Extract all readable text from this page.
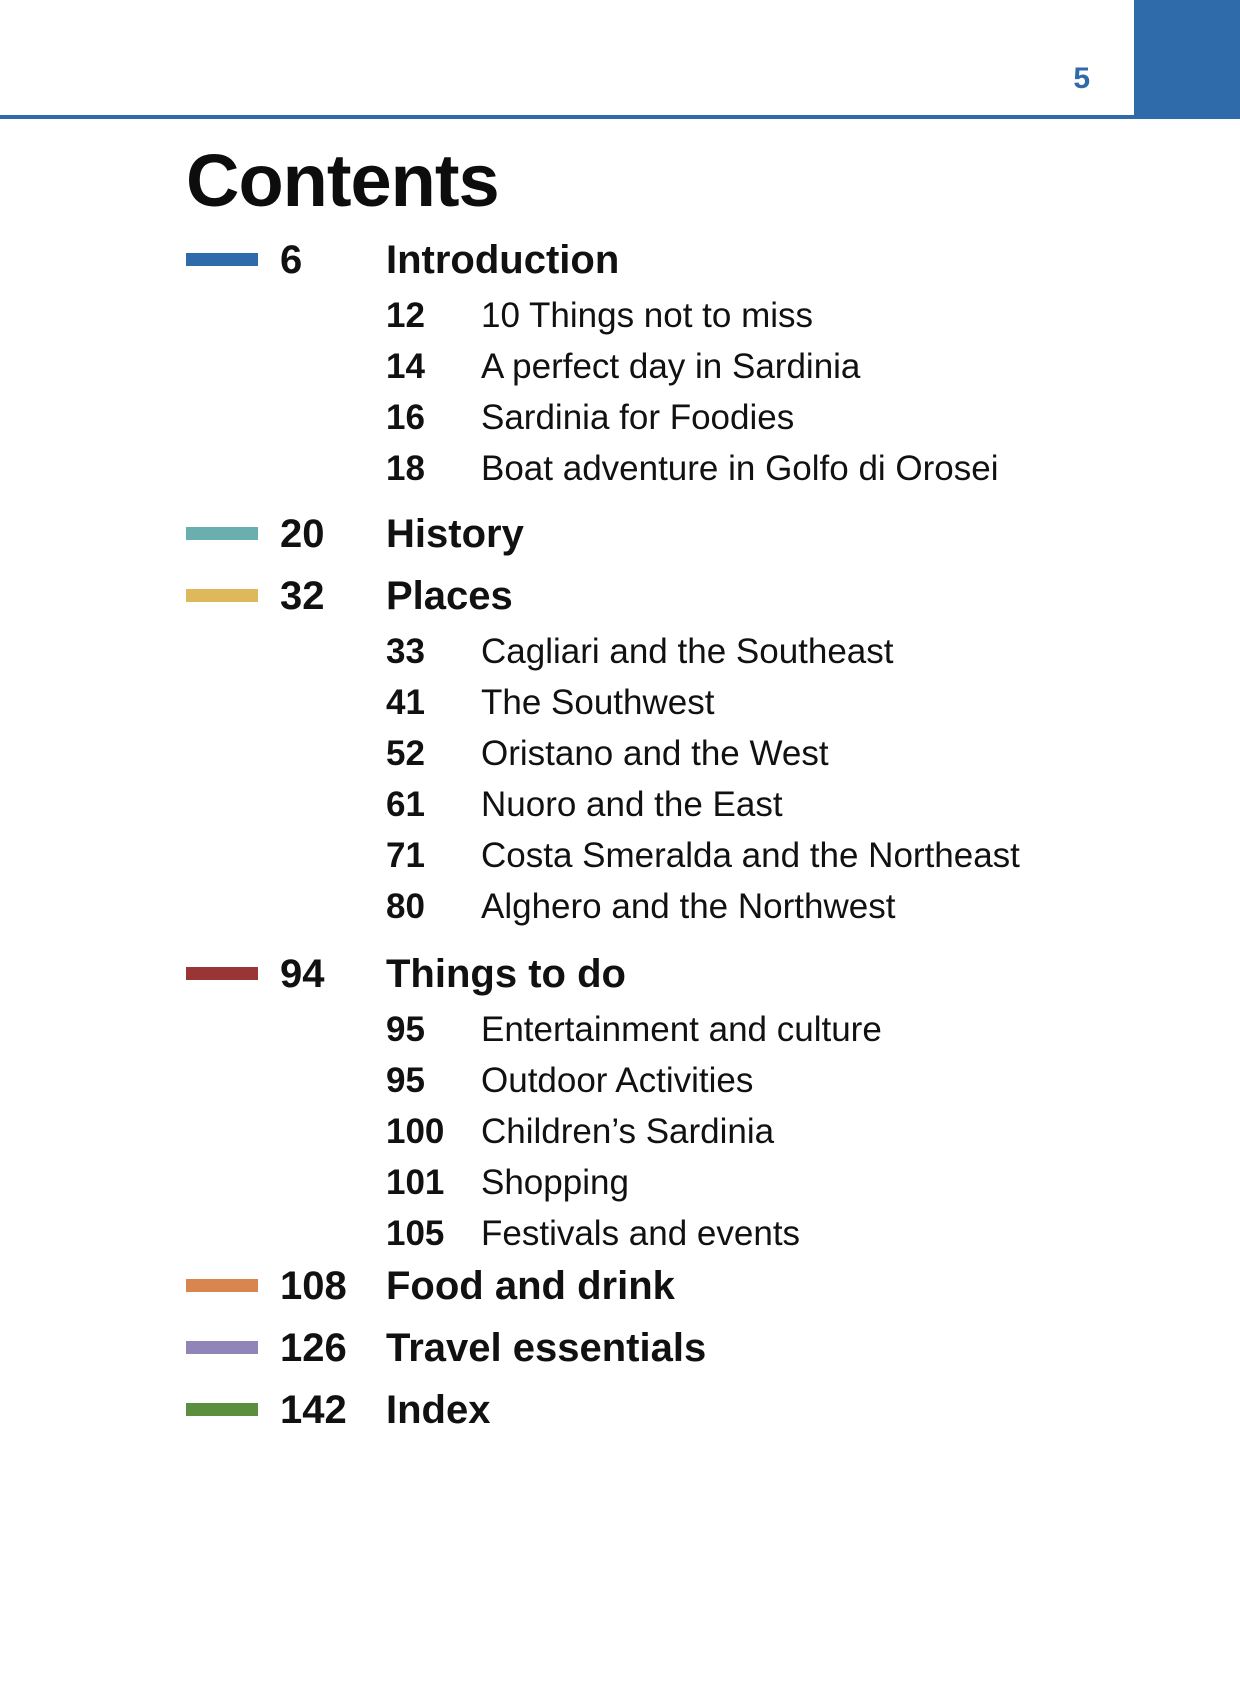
5
Contents
6 Introduction
12 10 Things not to miss
14 A perfect day in Sardinia
16 Sardinia for Foodies
18 Boat adventure in Golfo di Orosei
20 History
32 Places
33 Cagliari and the Southeast
41 The Southwest
52 Oristano and the West
61 Nuoro and the East
71 Costa Smeralda and the Northeast
80 Alghero and the Northwest
94 Things to do
95 Entertainment and culture
95 Outdoor Activities
100 Children’s Sardinia
101 Shopping
105 Festivals and events
108 Food and drink
126 Travel essentials
142 Index
